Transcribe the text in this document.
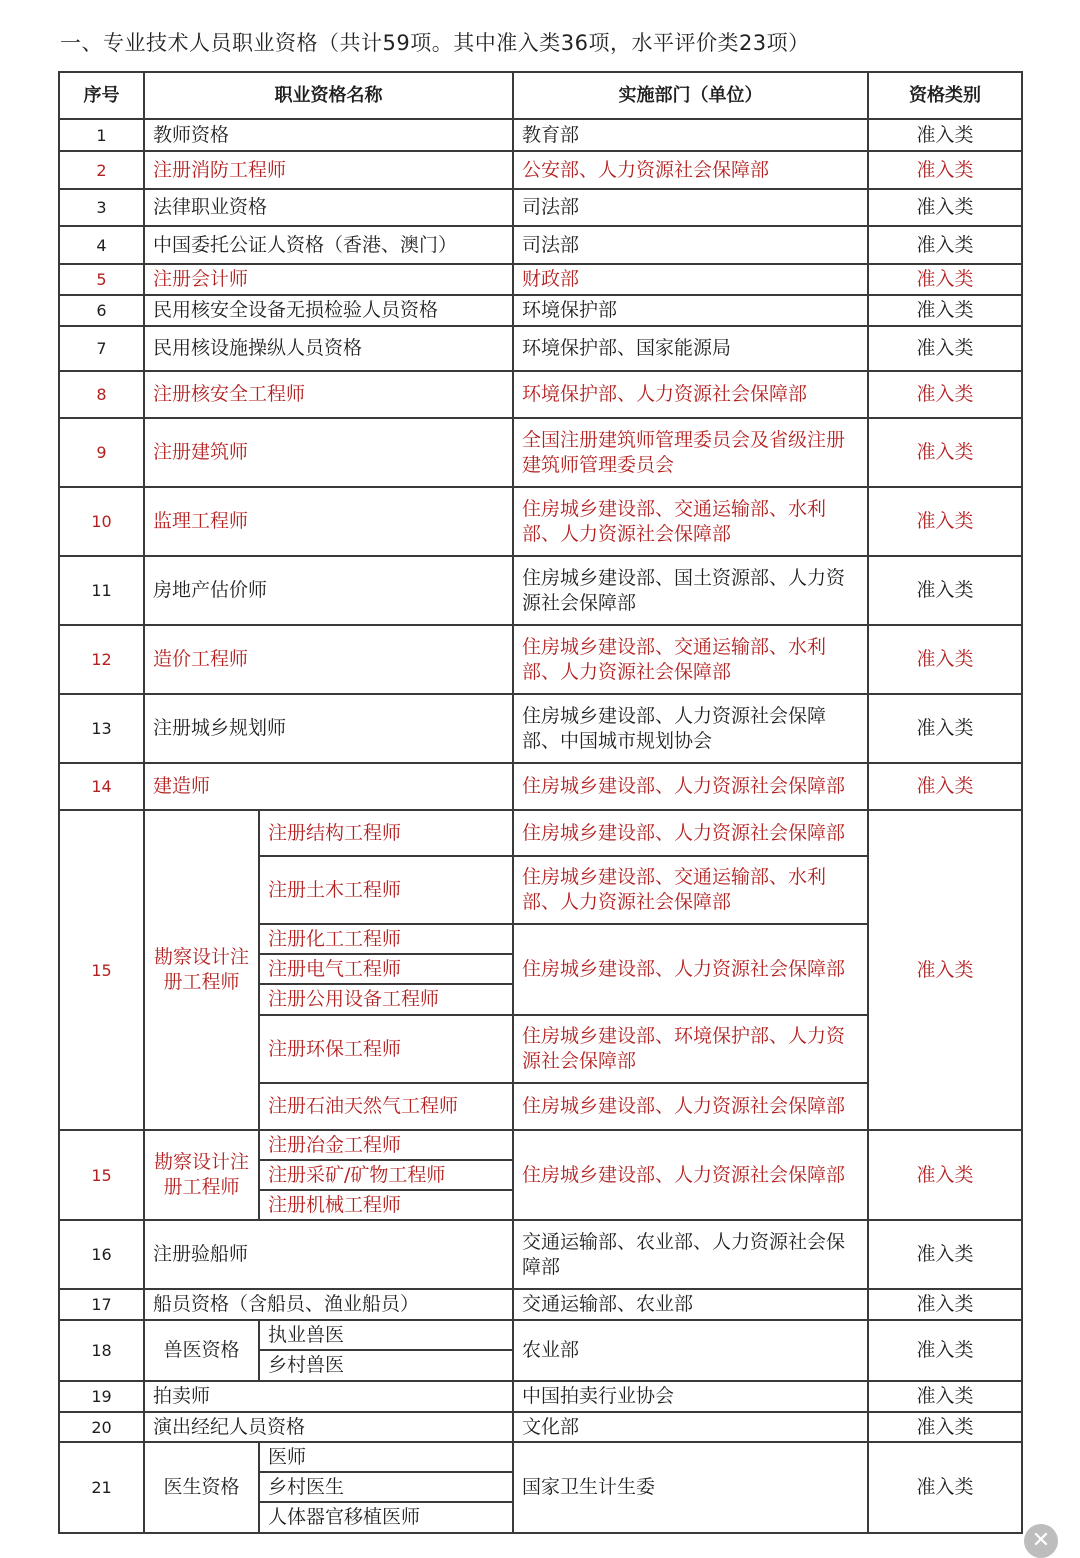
一、专业技术人员职业资格（共计59项。其中准入类36项，水平评价类23项）
序号	职业资格名称		实施部门（单位）	资格类别
1	教师资格		教育部	准入类
2	注册消防工程师		公安部、人力资源社会保障部	准入类
3	法律职业资格		司法部	准入类
4	中国委托公证人资格（香港、澳门）		司法部	准入类
5	注册会计师		财政部	准入类
6	民用核安全设备无损检验人员资格		环境保护部	准入类
7	民用核设施操纵人员资格		环境保护部、国家能源局	准入类
8	注册核安全工程师		环境保护部、人力资源社会保障部	准入类
9	注册建筑师		全国注册建筑师管理委员会及省级注册建筑师管理委员会	准入类
10	监理工程师		住房城乡建设部、交通运输部、水利部、人力资源社会保障部	准入类
11	房地产估价师		住房城乡建设部、国土资源部、人力资源社会保障部	准入类
12	造价工程师		住房城乡建设部、交通运输部、水利部、人力资源社会保障部	准入类
13	注册城乡规划师		住房城乡建设部、人力资源社会保障部、中国城市规划协会	准入类
14	建造师		住房城乡建设部、人力资源社会保障部	准入类
15	勘察设计注册工程师	注册结构工程师	住房城乡建设部、人力资源社会保障部	准入类
		注册土木工程师	住房城乡建设部、交通运输部、水利部、人力资源社会保障部	
		注册化工工程师	住房城乡建设部、人力资源社会保障部	
		注册电气工程师		
		注册公用设备工程师		
		注册环保工程师	住房城乡建设部、环境保护部、人力资源社会保障部	
		注册石油天然气工程师	住房城乡建设部、人力资源社会保障部	
15	勘察设计注册工程师	注册冶金工程师	住房城乡建设部、人力资源社会保障部	准入类
		注册采矿/矿物工程师		
		注册机械工程师		
16	注册验船师		交通运输部、农业部、人力资源社会保障部	准入类
17	船员资格（含船员、渔业船员）		交通运输部、农业部	准入类
18	兽医资格	执业兽医	农业部	准入类
		乡村兽医		
19	拍卖师		中国拍卖行业协会	准入类
20	演出经纪人员资格		文化部	准入类
21	医生资格	医师	国家卫生计生委	准入类
		乡村医生		
		人体器官移植医师		
✕
